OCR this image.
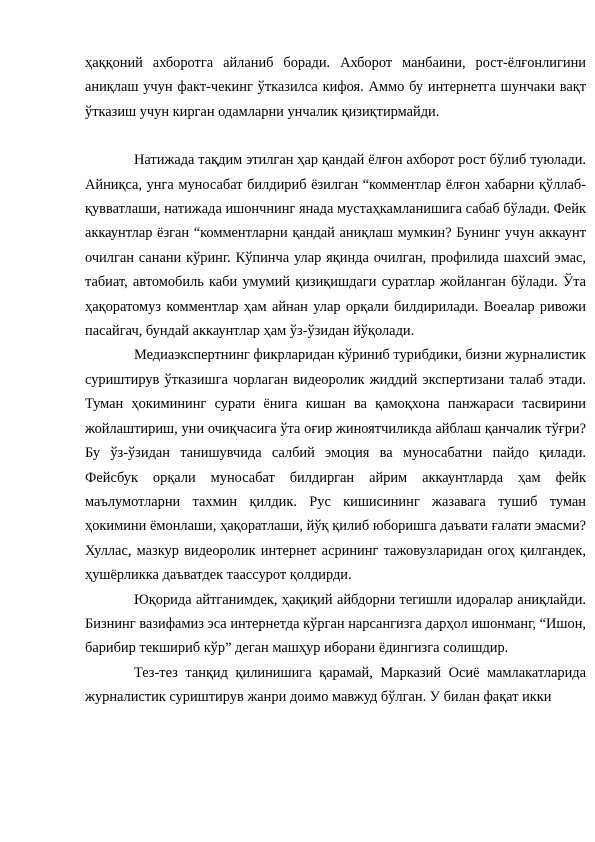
ҳаққоний ахборотга айланиб боради. Ахборот манбаини, рост-ёлғонлигини аниқлаш учун факт-чекинг ўтказилса кифоя. Аммо бу интернетга шунчаки вақт ўтказиш учун кирган одамларни унчалик қизиқтирмайди.

Натижада тақдим этилган ҳар қандай ёлғон ахборот рост бўлиб туюлади. Айниқса, унга муносабат билдириб ёзилган “комментлар ёлғон хабарни қўллаб-қувватлаши, натижада ишончнинг янада мустаҳкамланишига сабаб бўлади. Фейк аккаунтлар ёзган “комментларни қандай аниқлаш мумкин? Бунинг учун аккаунт очилган санани кўринг. Кўпинча улар яқинда очилган, профилида шахсий эмас, табиат, автомобиль каби умумий қизиқишдаги суратлар жойланган бўлади. Ўта ҳақоратомуз комментлар ҳам айнан улар орқали билдирилади. Воеалар ривожи пасайгач, бундай аккаунтлар ҳам ўз-ўзидан йўқолади.

Медиаэкспертнинг фикрларидан кўриниб турибдики, бизни журналистик суриштирув ўтказишга чорлаган видеоролик жиддий экспертизани талаб этади. Туман ҳокимининг сурати ёнига кишан ва қамоқхона панжараси тасвирини жойлаштириш, уни очиқчасига ўта оғир жиноятчиликда айблаш қанчалик тўғри? Бу ўз-ўзидан танишувчида салбий эмоция ва муносабатни пайдо қилади. Фейсбук орқали муносабат билдирган айрим аккаунтларда ҳам фейк маълумотларни тахмин қилдик. Рус кишисининг жазавага тушиб туман ҳокимини ёмонлаши, ҳақоратлаши, йўқ қилиб юборишга даъвати ғалати эмасми? Хуллас, мазкур видеоролик интернет асрининг тажовузларидан огоҳ қилгандек, ҳушёрликка даъватдек таассурот қолдирди.

Юқорида айтганимдек, ҳақиқий айбдорни тегишли идоралар аниқлайди. Бизнинг вазифамиз эса интернетда кўрган нарсангизга дарҳол ишонманг, “Ишон, барибир текшириб кўр” деган машҳур иборани ёдингизга солишдир.

Тез-тез танқид қилинишига қарамай, Марказий Осиё мамлакатларида журналистик суриштирув жанри доимо мавжуд бўлган. У билан фақат икки
